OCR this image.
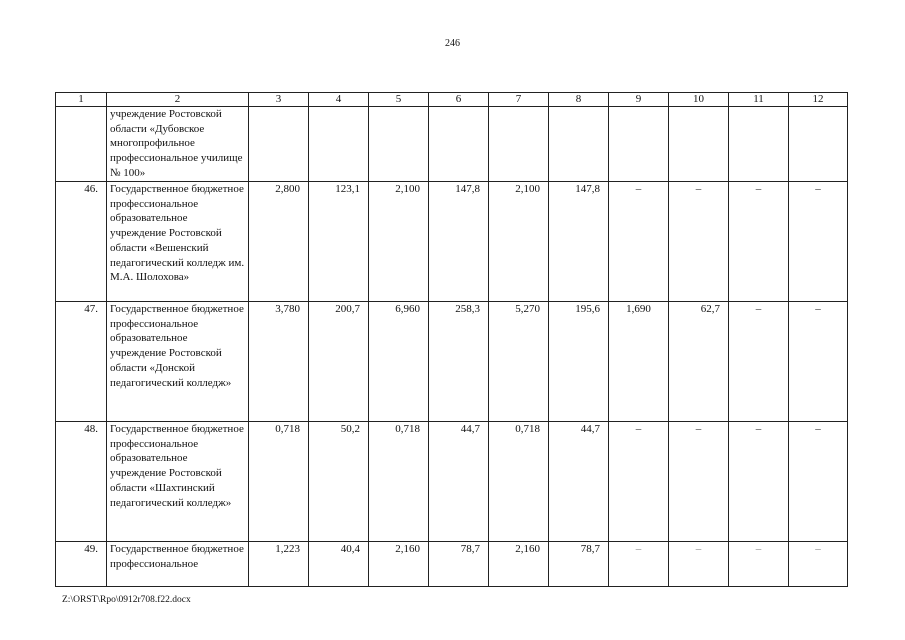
246
1	2	3	4	5	6	7	8	9	10	11	12
	учреждение Ростовской области «Дубовское многопрофильное профессиональное училище № 100»										
46.	Государственное бюджетное профессиональное образовательное учреждение Ростовской области «Вешенский педагогический колледж им. М.А. Шолохова»	2,800	123,1	2,100	147,8	2,100	147,8	–	–	–	–
47.	Государственное бюджетное профессиональное образовательное учреждение Ростовской области «Донской педагогический колледж»	3,780	200,7	6,960	258,3	5,270	195,6	1,690	62,7	–	–
48.	Государственное бюджетное профессиональное образовательное учреждение Ростовской области «Шахтинский педагогический колледж»	0,718	50,2	0,718	44,7	0,718	44,7	–	–	–	–
49.	Государственное бюджетное профессиональное	1,223	40,4	2,160	78,7	2,160	78,7	–	–	–	–
Z:\ORST\Rpo\0912r708.f22.docx
